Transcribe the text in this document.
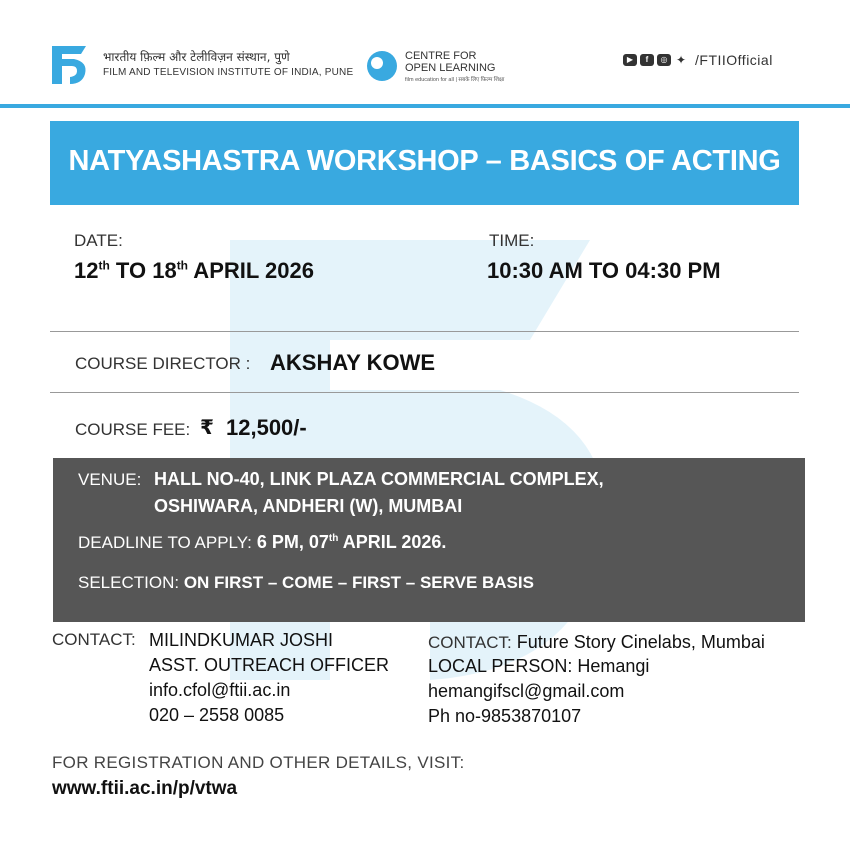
भारतीय फ़िल्म और टेलीविज़न संस्थान, पुणे
FILM AND TELEVISION INSTITUTE OF INDIA, PUNE
CENTRE FOR
OPEN LEARNING
film education for all | सबके लिए फ़िल्म शिक्षा
▶	f	◎ ✦ /FTIIOfficial
NATYASHASTRA WORKSHOP – BASICS OF ACTING
DATE:
12th TO 18th APRIL 2026
TIME:
10:30 AM TO 04:30 PM
COURSE DIRECTOR : AKSHAY KOWE
COURSE FEE: ₹ 12,500/-
VENUE: HALL NO-40, LINK PLAZA COMMERCIAL COMPLEX,
OSHIWARA, ANDHERI (W), MUMBAI
DEADLINE TO APPLY: 6 PM, 07th APRIL 2026.
SELECTION: ON FIRST – COME – FIRST – SERVE BASIS
CONTACT: MILINDKUMAR JOSHI
ASST. OUTREACH OFFICER
info.cfol@ftii.ac.in
020 – 2558 0085
CONTACT: Future Story Cinelabs, Mumbai
LOCAL PERSON: Hemangi
hemangifscl@gmail.com
Ph no-9853870107
FOR REGISTRATION AND OTHER DETAILS, VISIT:
www.ftii.ac.in/p/vtwa
